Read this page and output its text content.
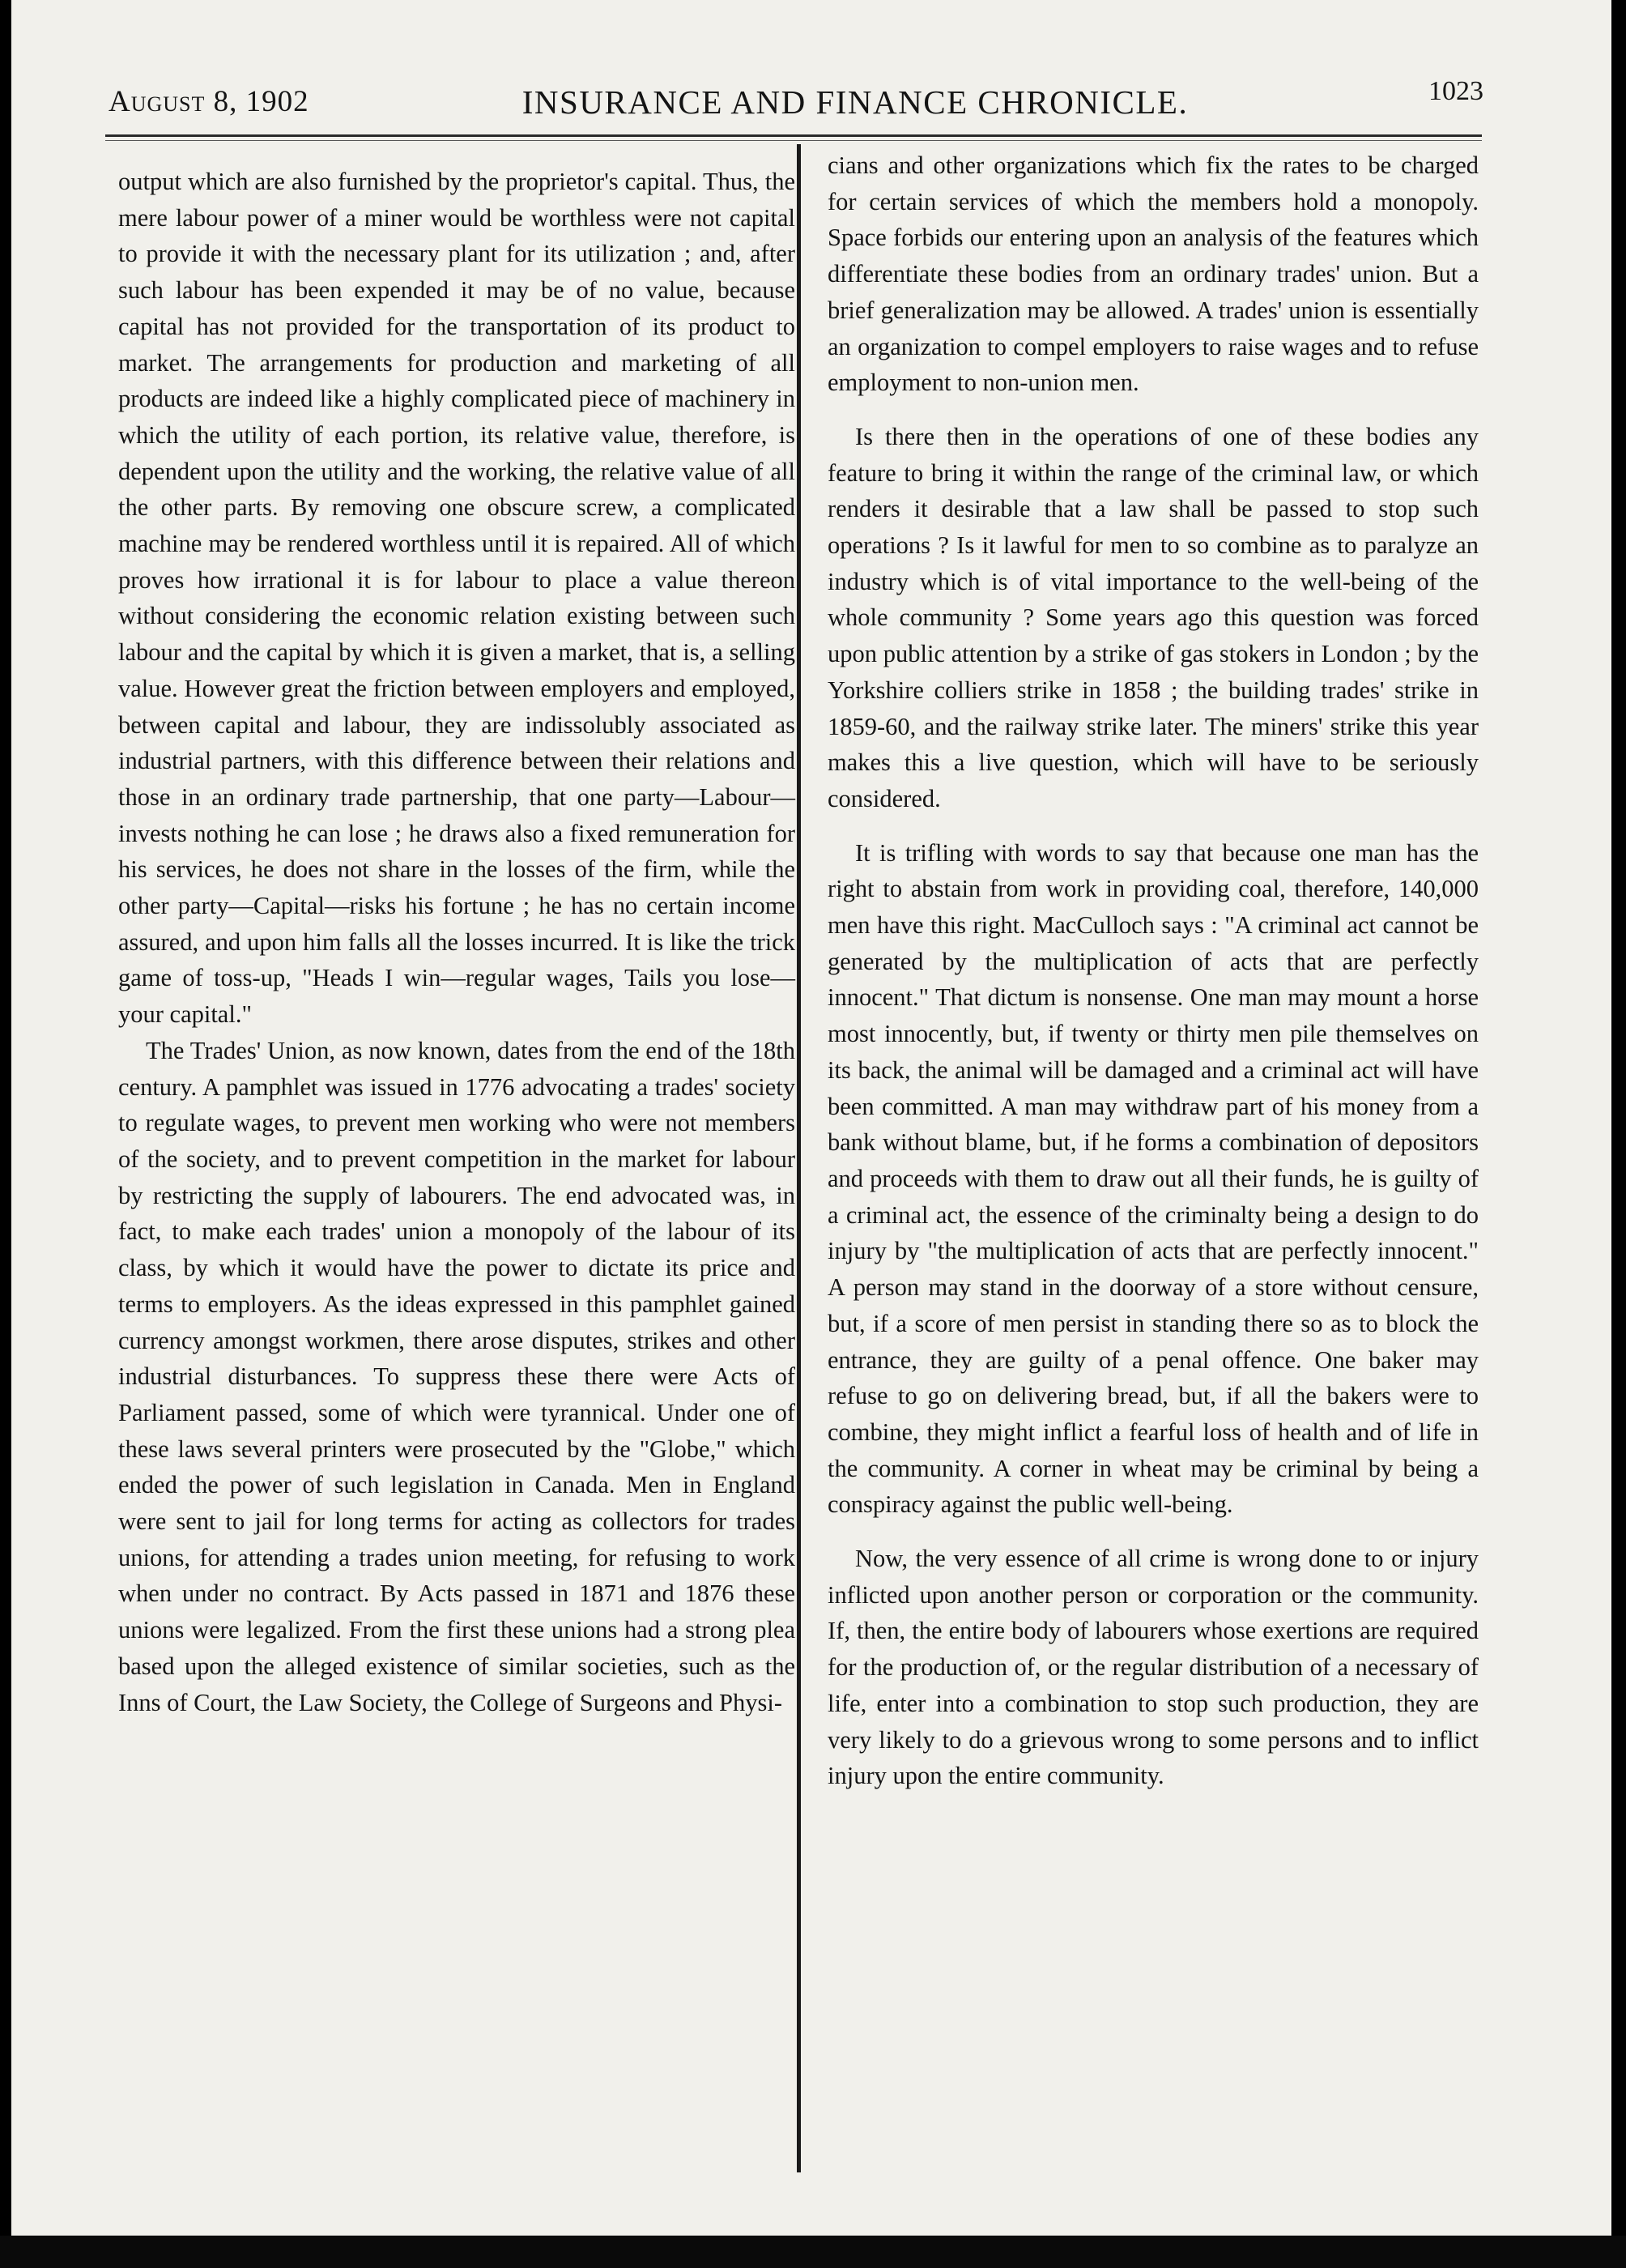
August 8, 1902	INSURANCE AND FINANCE CHRONICLE.	1023

output which are also furnished by the proprietor's capital. Thus, the mere labour power of a miner would be worthless were not capital to provide it with the necessary plant for its utilization ; and, after such labour has been expended it may be of no value, because capital has not provided for the transportation of its product to market. The arrangements for production and marketing of all products are indeed like a highly complicated piece of machinery in which the utility of each portion, its relative value, therefore, is dependent upon the utility and the working, the relative value of all the other parts. By removing one obscure screw, a complicated machine may be rendered worthless until it is repaired. All of which proves how irrational it is for labour to place a value thereon without considering the economic relation existing between such labour and the capital by which it is given a market, that is, a selling value. However great the friction between employers and employed, between capital and labour, they are indissolubly associated as industrial partners, with this difference between their relations and those in an ordinary trade partnership, that one party—Labour—invests nothing he can lose ; he draws also a fixed remuneration for his services, he does not share in the losses of the firm, while the other party—Capital—risks his fortune ; he has no certain income assured, and upon him falls all the losses incurred. It is like the trick game of toss-up, "Heads I win—regular wages, Tails you lose—your capital."

The Trades' Union, as now known, dates from the end of the 18th century. A pamphlet was issued in 1776 advocating a trades' society to regulate wages, to prevent men working who were not members of the society, and to prevent competition in the market for labour by restricting the supply of labourers. The end advocated was, in fact, to make each trades' union a monopoly of the labour of its class, by which it would have the power to dictate its price and terms to employers. As the ideas expressed in this pamphlet gained currency amongst workmen, there arose disputes, strikes and other industrial disturbances. To suppress these there were Acts of Parliament passed, some of which were tyrannical. Under one of these laws several printers were prosecuted by the "Globe," which ended the power of such legislation in Canada. Men in England were sent to jail for long terms for acting as collectors for trades unions, for attending a trades union meeting, for refusing to work when under no contract. By Acts passed in 1871 and 1876 these unions were legalized. From the first these unions had a strong plea based upon the alleged existence of similar societies, such as the Inns of Court, the Law Society, the College of Surgeons and Physi-

cians and other organizations which fix the rates to be charged for certain services of which the members hold a monopoly. Space forbids our entering upon an analysis of the features which differentiate these bodies from an ordinary trades' union. But a brief generalization may be allowed. A trades' union is essentially an organization to compel employers to raise wages and to refuse employment to non-union men.

Is there then in the operations of one of these bodies any feature to bring it within the range of the criminal law, or which renders it desirable that a law shall be passed to stop such operations ? Is it lawful for men to so combine as to paralyze an industry which is of vital importance to the well-being of the whole community ? Some years ago this question was forced upon public attention by a strike of gas stokers in London ; by the Yorkshire colliers strike in 1858 ; the building trades' strike in 1859-60, and the railway strike later. The miners' strike this year makes this a live question, which will have to be seriously considered.

It is trifling with words to say that because one man has the right to abstain from work in providing coal, therefore, 140,000 men have this right. MacCulloch says : "A criminal act cannot be generated by the multiplication of acts that are perfectly innocent." That dictum is nonsense. One man may mount a horse most innocently, but, if twenty or thirty men pile themselves on its back, the animal will be damaged and a criminal act will have been committed. A man may withdraw part of his money from a bank without blame, but, if he forms a combination of depositors and proceeds with them to draw out all their funds, he is guilty of a criminal act, the essence of the criminalty being a design to do injury by "the multiplication of acts that are perfectly innocent." A person may stand in the doorway of a store without censure, but, if a score of men persist in standing there so as to block the entrance, they are guilty of a penal offence. One baker may refuse to go on delivering bread, but, if all the bakers were to combine, they might inflict a fearful loss of health and of life in the community. A corner in wheat may be criminal by being a conspiracy against the public well-being.

Now, the very essence of all crime is wrong done to or injury inflicted upon another person or corporation or the community. If, then, the entire body of labourers whose exertions are required for the production of, or the regular distribution of a necessary of life, enter into a combination to stop such production, they are very likely to do a grievous wrong to some persons and to inflict injury upon the entire community.
